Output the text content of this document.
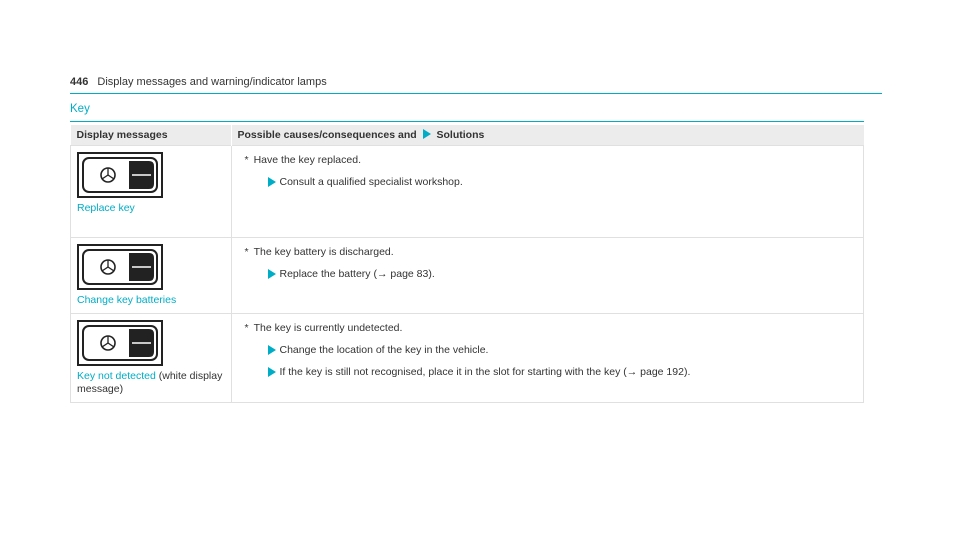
446 Display messages and warning/indicator lamps
Key
Display messages	Possible causes/consequences and Solutions

Replace key	* Have the key replaced.
Consult a qualified specialist workshop.

Change key batteries	* The key battery is discharged.
Replace the battery (→ page 83).

Key not detected (white display message)	* The key is currently undetected.
Change the location of the key in the vehicle.
If the key is still not recognised, place it in the slot for starting with the key (→ page 192).
